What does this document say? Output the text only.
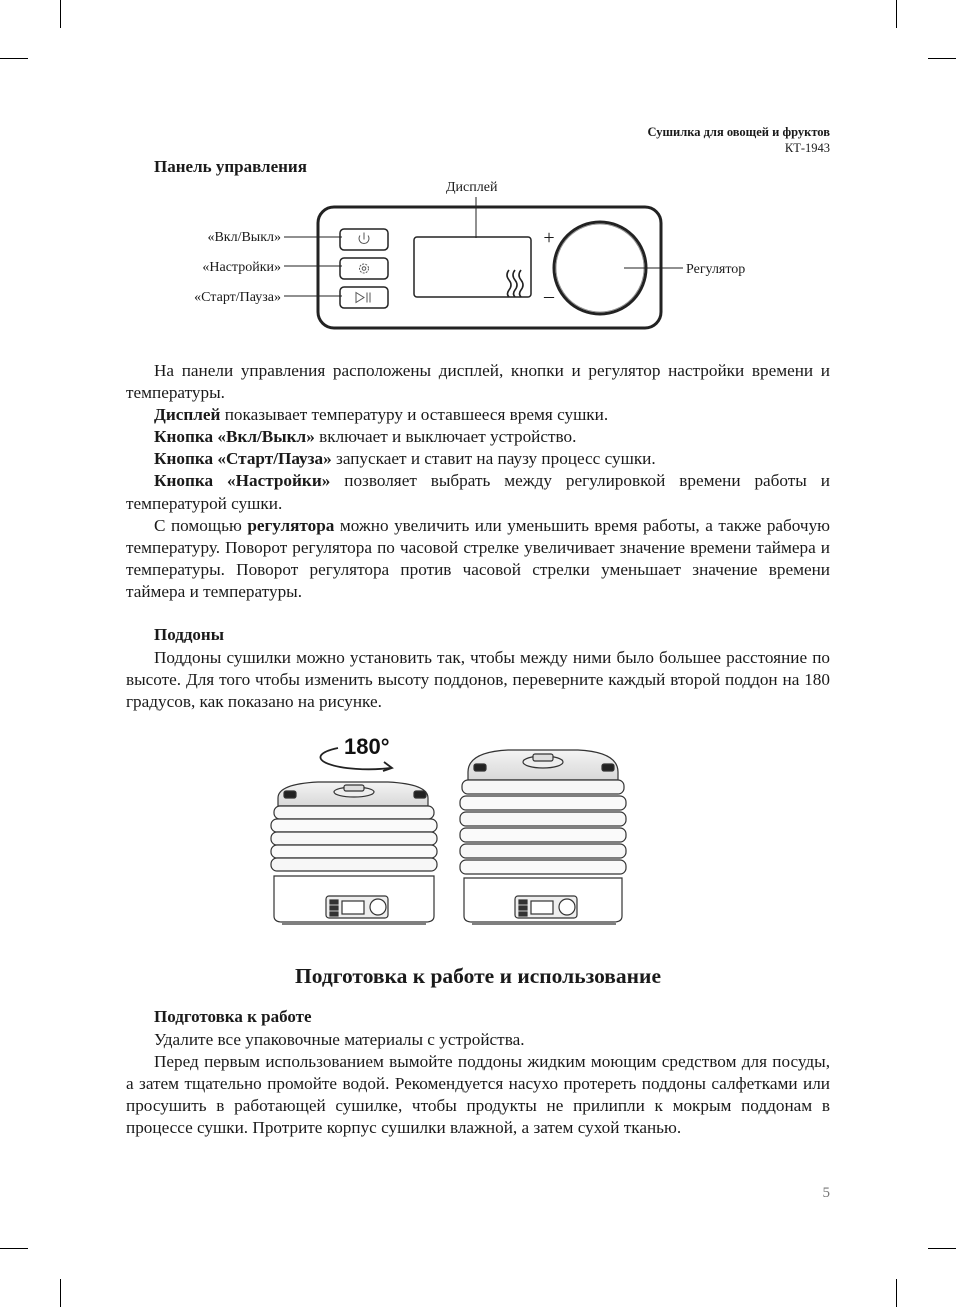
Сушилка для овощей и фруктов
КТ-1943
Панель управления
Дисплей
«Вкл/Выкл»
«Настройки»
«Старт/Пауза»
+
–
Регулятор

На панели управления расположены дисплей, кнопки и регулятор настройки времени и температуры.

Дисплей показывает температуру и оставшееся время сушки.

Кнопка «Вкл/Выкл» включает и выключает устройство.

Кнопка «Старт/Пауза» запускает и ставит на паузу процесс сушки.

Кнопка «Настройки» позволяет выбрать между регулировкой времени работы и температурой сушки.

С помощью регулятора можно увеличить или уменьшить время работы, а также рабочую температуру. Поворот регулятора по часовой стрелке увеличивает значение времени таймера и температуры. Поворот регулятора против часовой стрелки уменьшает значение времени таймера и температуры.

Поддоны

Поддоны сушилки можно установить так, чтобы между ними было большее расстояние по высоте. Для того чтобы изменить высоту поддонов, переверните каждый второй поддон на 180 градусов, как показано на рисунке.

180°
Подготовка к работе и использование
Подготовка к работе

Удалите все упаковочные материалы с устройства.

Перед первым использованием вымойте поддоны жидким моющим средством для посуды, а затем тщательно промойте водой. Рекомендуется насухо протереть поддоны салфетками или просушить в работающей сушилке, чтобы продукты не прилипли к мокрым поддонам в процессе сушки. Протрите корпус сушилки влажной, а затем сухой тканью.

5
